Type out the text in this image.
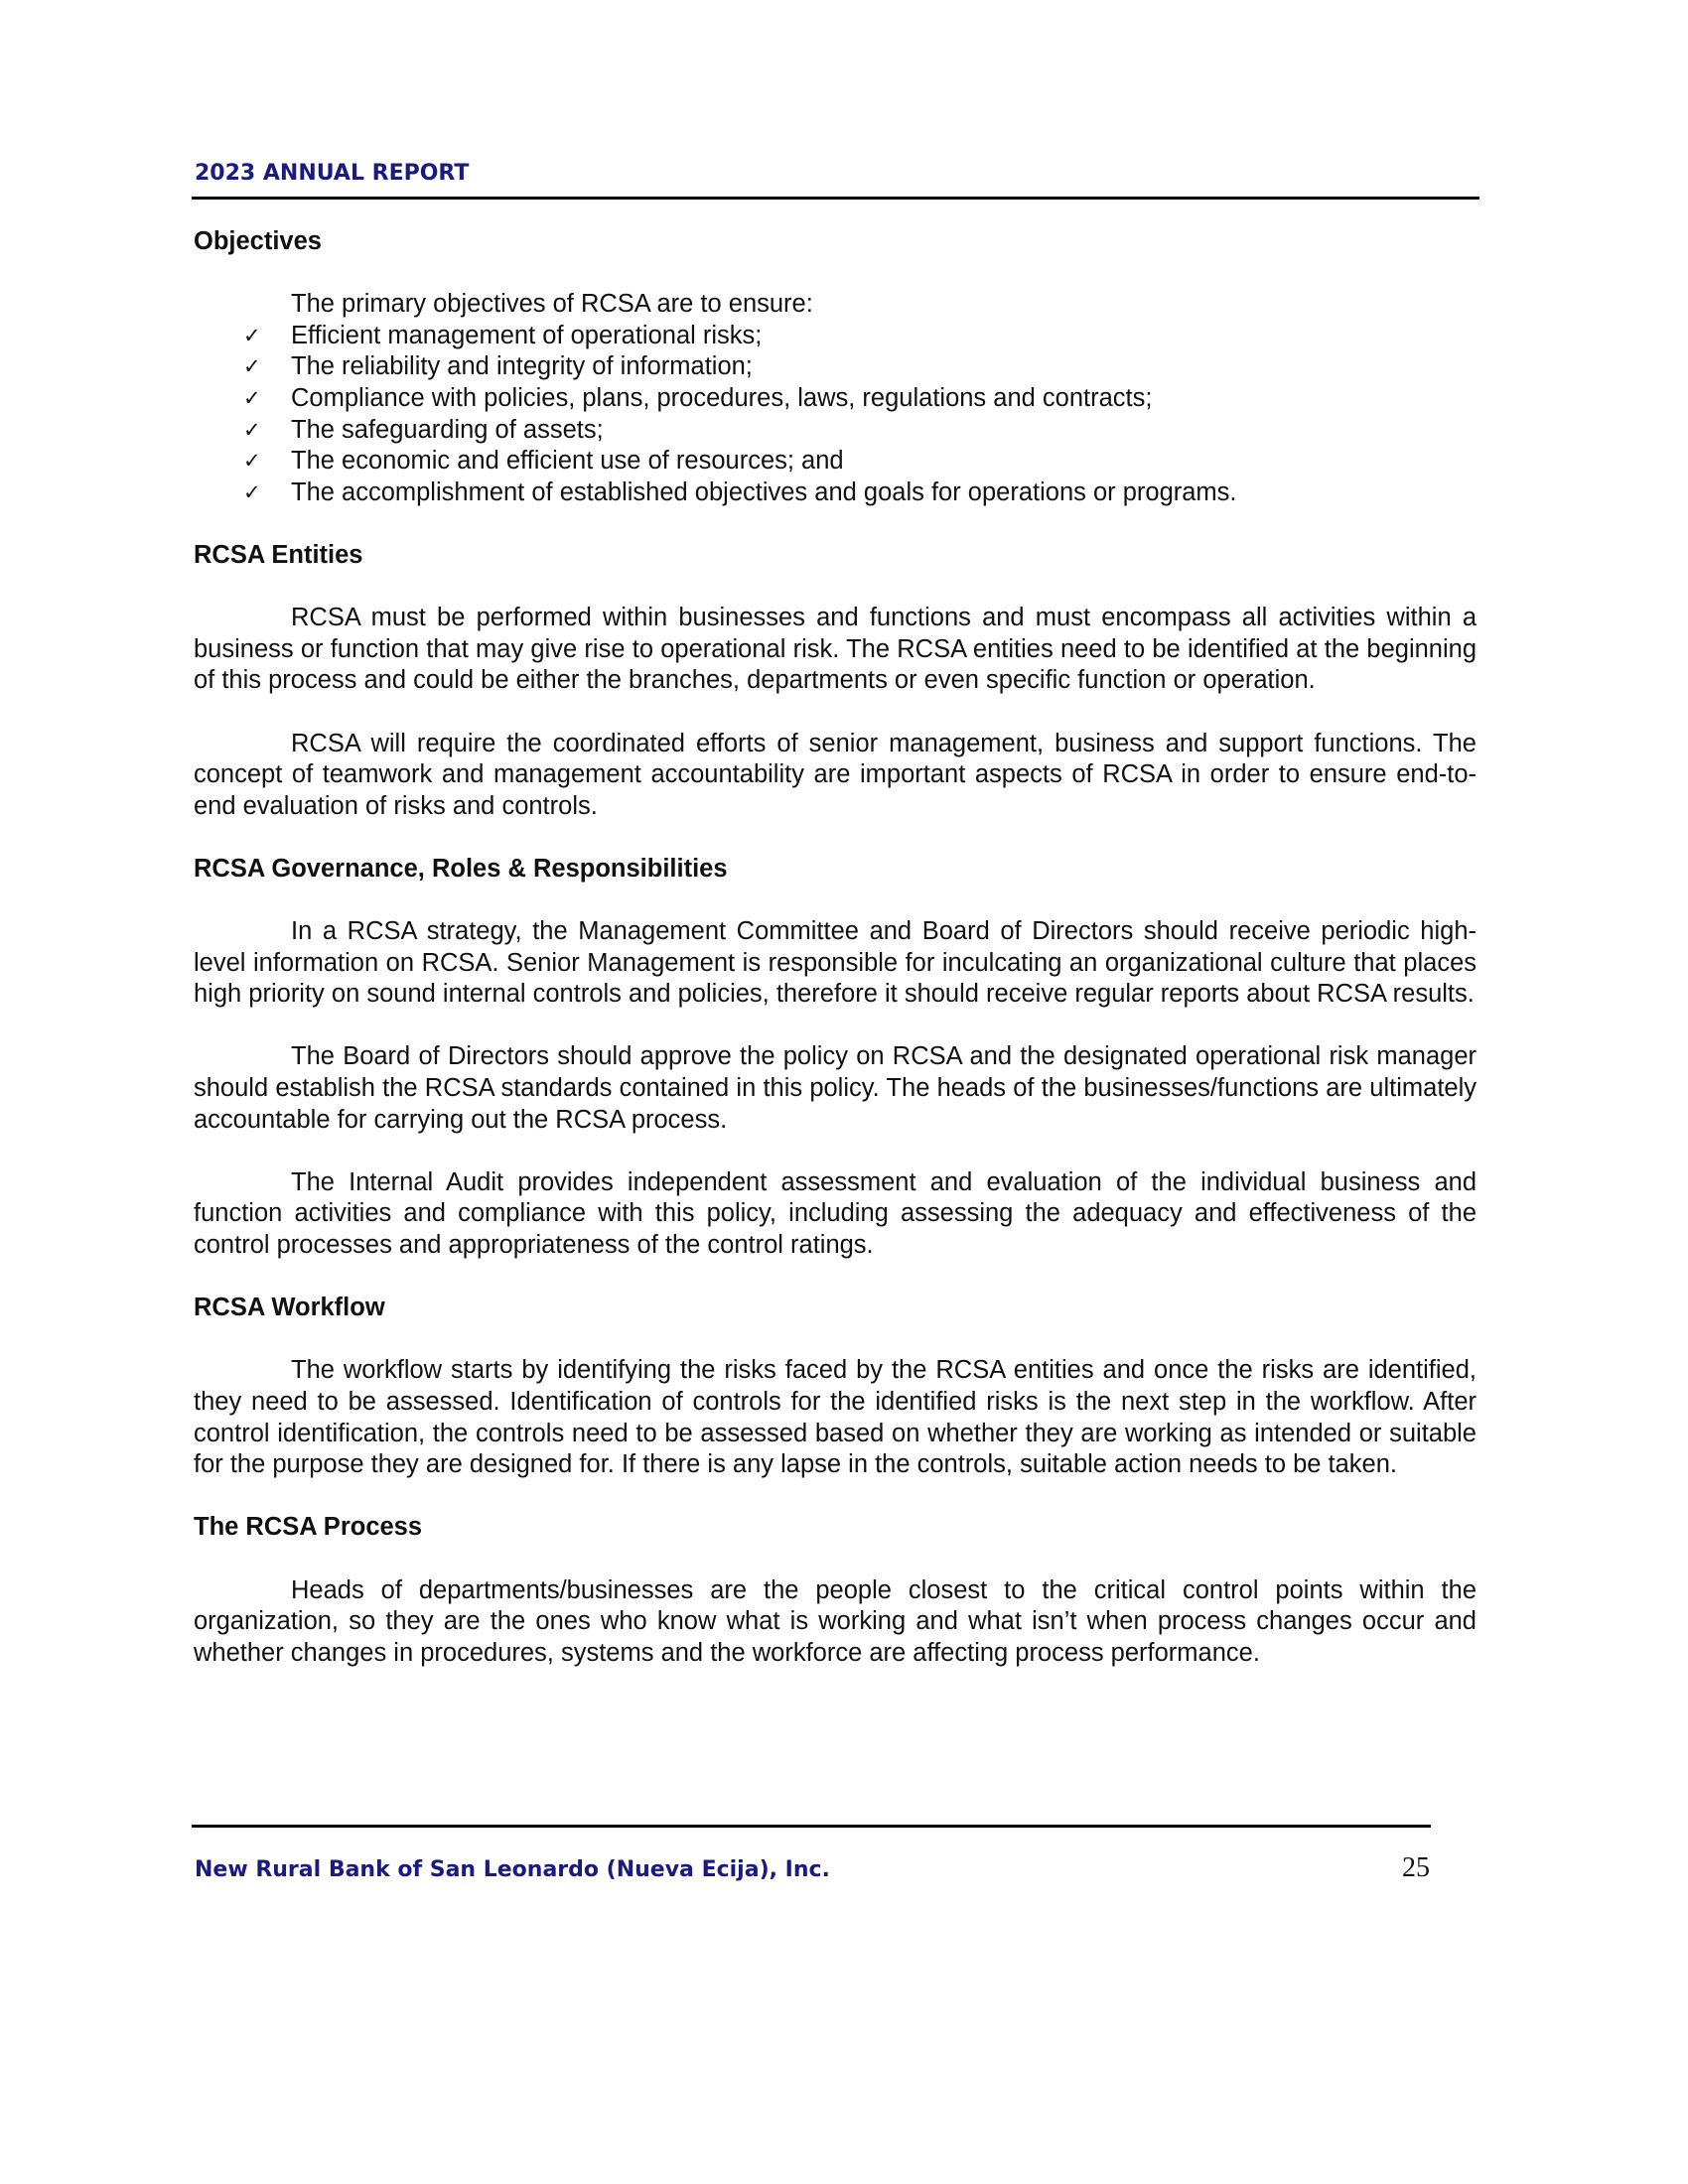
2023 ANNUAL REPORT
Objectives

The primary objectives of RCSA are to ensure:

✓ Efficient management of operational risks;
✓ The reliability and integrity of information;
✓ Compliance with policies, plans, procedures, laws, regulations and contracts;
✓ The safeguarding of assets;
✓ The economic and efficient use of resources; and
✓ The accomplishment of established objectives and goals for operations or programs.
RCSA Entities

RCSA must be performed within businesses and functions and must encompass all activities within a business or function that may give rise to operational risk. The RCSA entities need to be identified at the beginning of this process and could be either the branches, departments or even specific function or operation.

RCSA will require the coordinated efforts of senior management, business and support functions. The concept of teamwork and management accountability are important aspects of RCSA in order to ensure end-to-end evaluation of risks and controls.

RCSA Governance, Roles & Responsibilities

In a RCSA strategy, the Management Committee and Board of Directors should receive periodic high-level information on RCSA. Senior Management is responsible for inculcating an organizational culture that places high priority on sound internal controls and policies, therefore it should receive regular reports about RCSA results.

The Board of Directors should approve the policy on RCSA and the designated operational risk manager should establish the RCSA standards contained in this policy. The heads of the businesses/functions are ultimately accountable for carrying out the RCSA process.

The Internal Audit provides independent assessment and evaluation of the individual business and function activities and compliance with this policy, including assessing the adequacy and effectiveness of the control processes and appropriateness of the control ratings.

RCSA Workflow

The workflow starts by identifying the risks faced by the RCSA entities and once the risks are identified, they need to be assessed. Identification of controls for the identified risks is the next step in the workflow. After control identification, the controls need to be assessed based on whether they are working as intended or suitable for the purpose they are designed for. If there is any lapse in the controls, suitable action needs to be taken.

The RCSA Process

Heads of departments/businesses are the people closest to the critical control points within the organization, so they are the ones who know what is working and what isn’t when process changes occur and whether changes in procedures, systems and the workforce are affecting process performance.

New Rural Bank of San Leonardo (Nueva Ecija), Inc.	25
